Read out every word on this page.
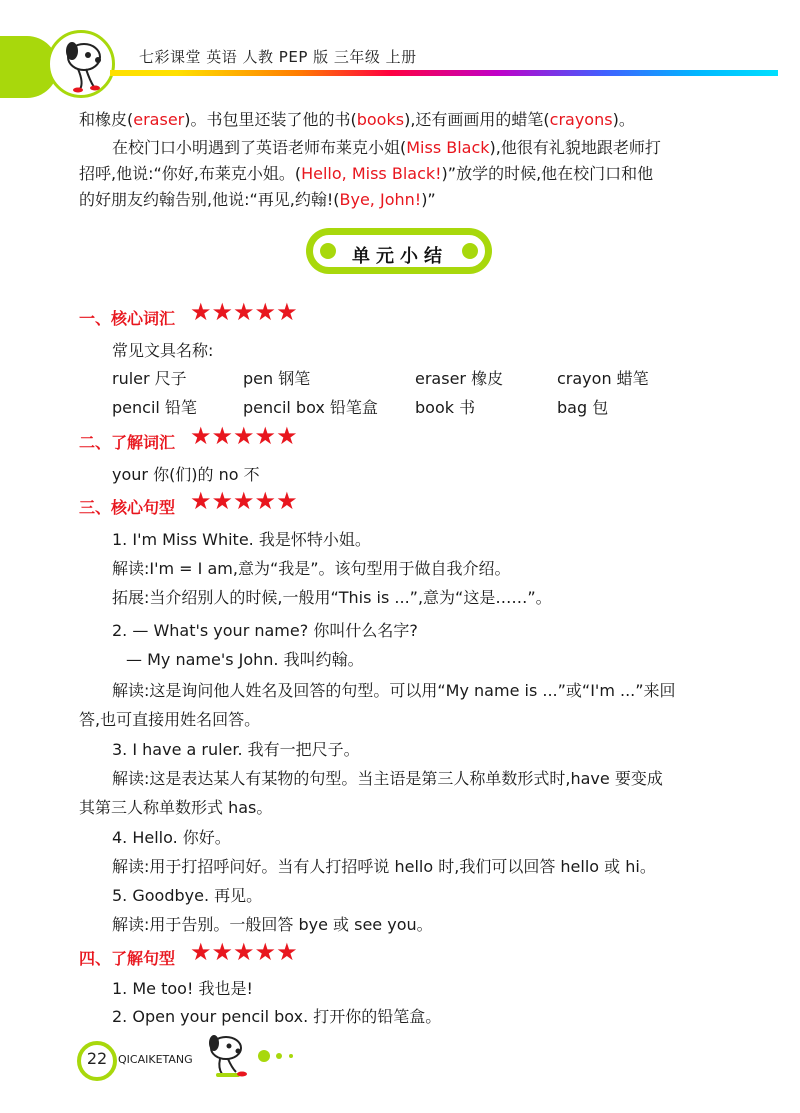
七彩课堂 英语 人教 PEP 版 三年级 上册
和橡皮(eraser)。书包里还装了他的书(books),还有画画用的蜡笔(crayons)。
在校门口小明遇到了英语老师布莱克小姐(Miss Black),他很有礼貌地跟老师打
招呼,他说:“你好,布莱克小姐。(Hello, Miss Black!)”放学的时候,他在校门口和他
的好朋友约翰告别,他说:“再见,约翰!(Bye, John!)”
单元小结
一、核心词汇 ★★★★★
常见文具名称:
ruler 尺子	pen 钢笔	eraser 橡皮	crayon 蜡笔
pencil 铅笔	pencil box 铅笔盒 book 书	bag 包
二、了解词汇 ★★★★★
your 你(们)的 no 不
三、核心句型 ★★★★★
1. I'm Miss White. 我是怀特小姐。
解读:I'm = I am,意为“我是”。该句型用于做自我介绍。
拓展:当介绍别人的时候,一般用“This is ...”,意为“这是……”。
2. — What's your name? 你叫什么名字?
— My name's John. 我叫约翰。
解读:这是询问他人姓名及回答的句型。可以用“My name is ...”或“I'm ...”来回
答,也可直接用姓名回答。
3. I have a ruler. 我有一把尺子。
解读:这是表达某人有某物的句型。当主语是第三人称单数形式时,have 要变成
其第三人称单数形式 has。
4. Hello. 你好。
解读:用于打招呼问好。当有人打招呼说 hello 时,我们可以回答 hello 或 hi。
5. Goodbye. 再见。
解读:用于告别。一般回答 bye 或 see you。
四、了解句型 ★★★★★
1. Me too! 我也是!
2. Open your pencil box. 打开你的铅笔盒。
22 QICAIKETANG
